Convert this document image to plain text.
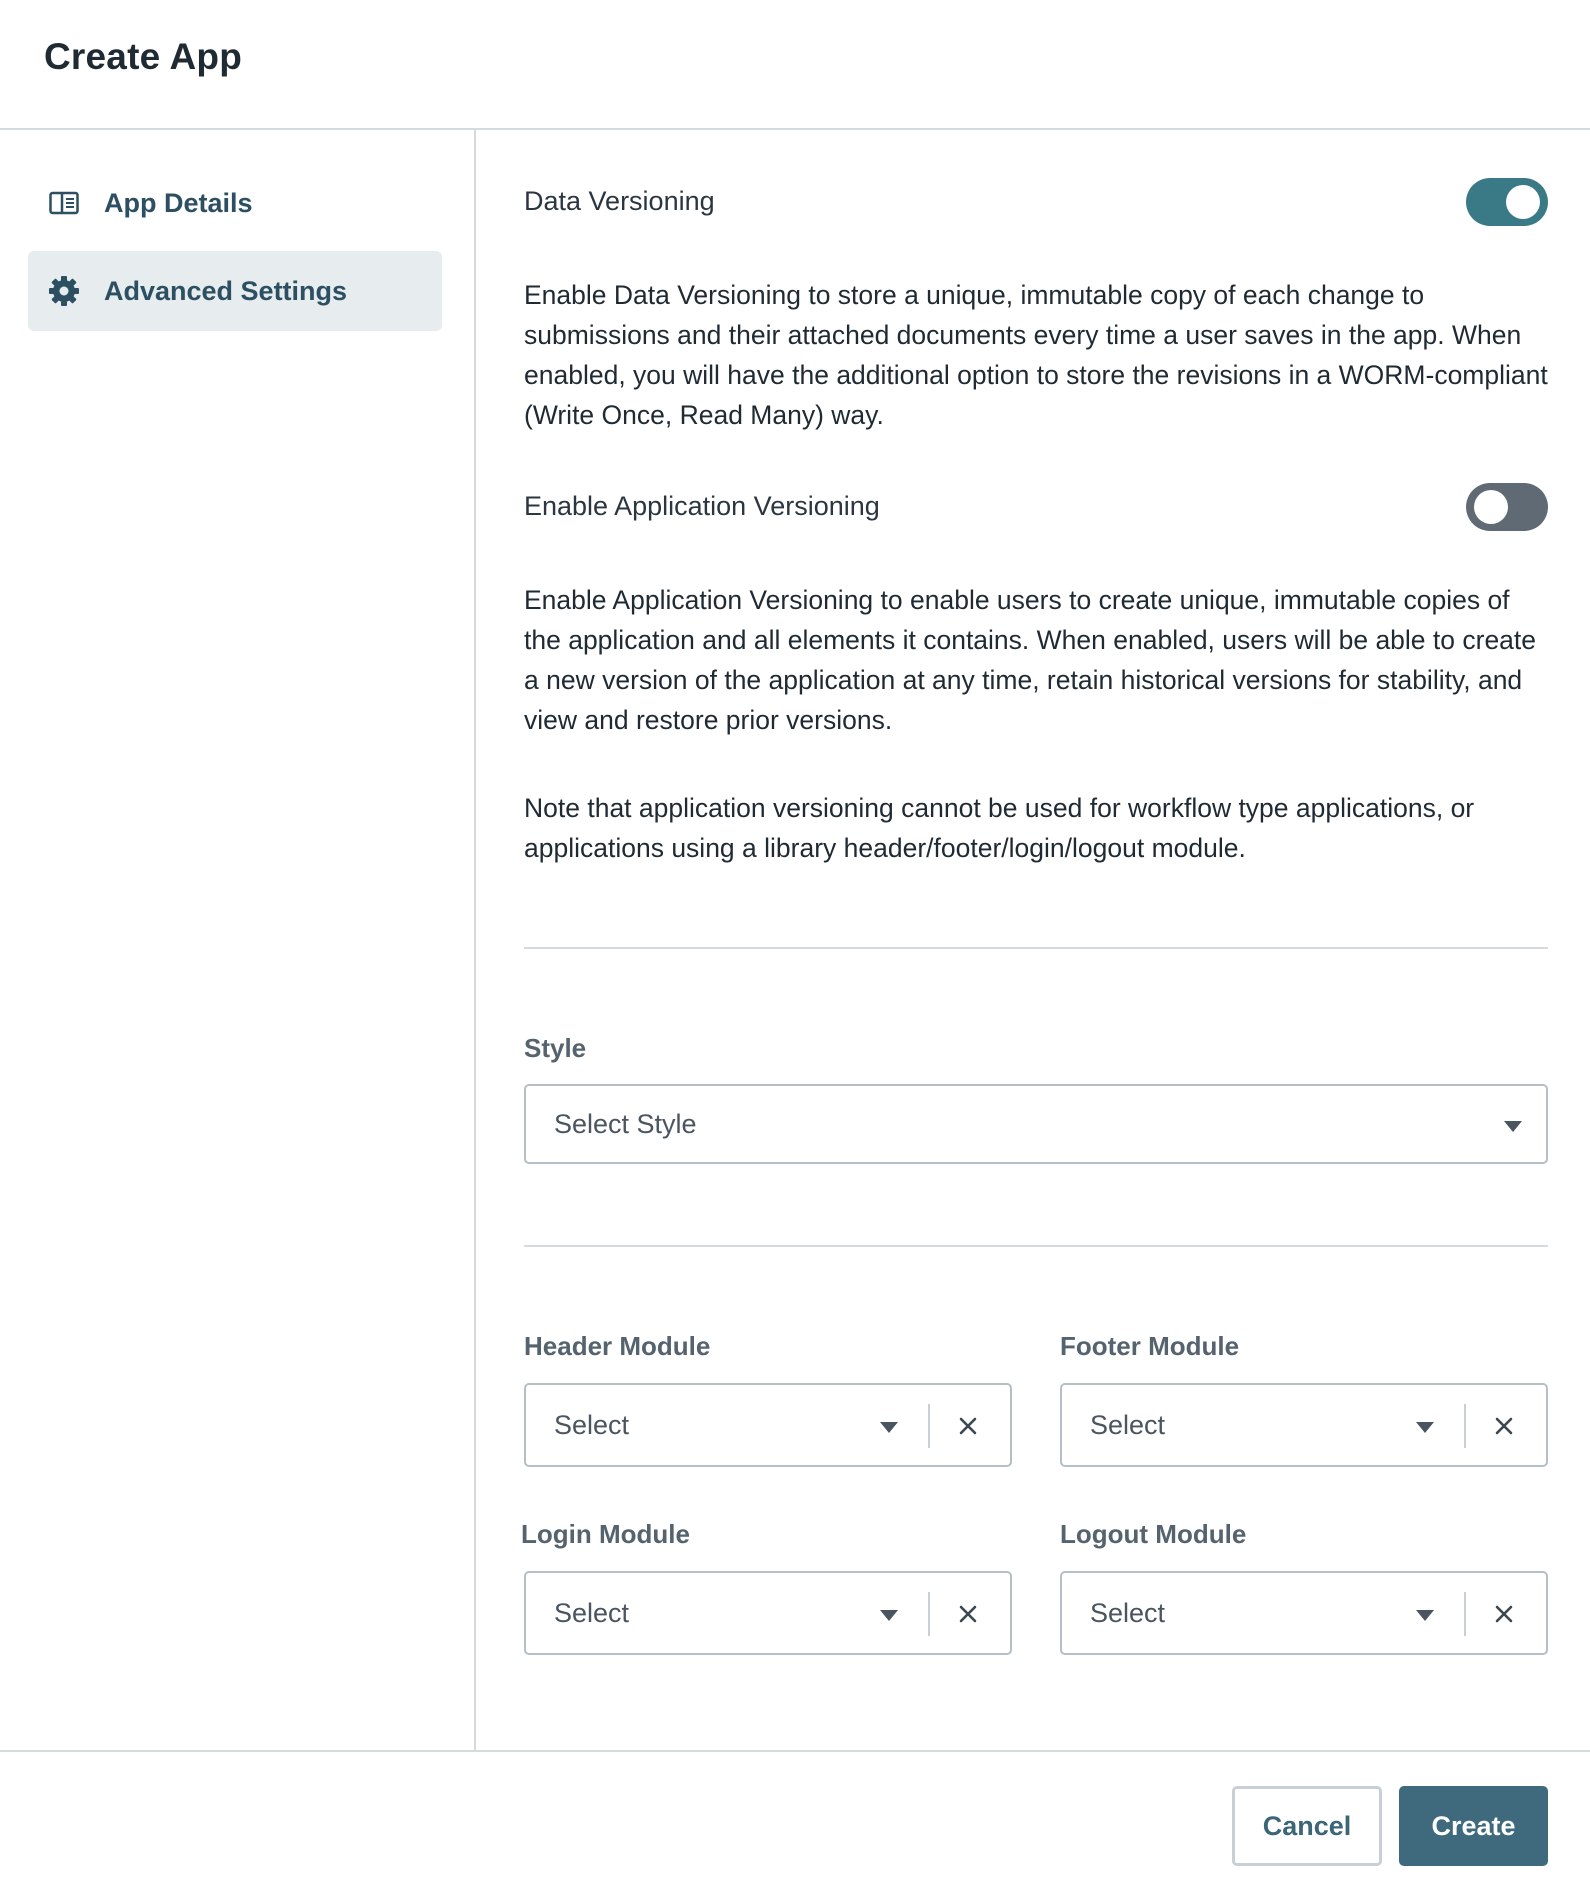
Create App
App Details
Advanced Settings
Data Versioning

Enable Data Versioning to store a unique, immutable copy of each change to submissions and their attached documents every time a user saves in the app. When enabled, you will have the additional option to store the revisions in a WORM-compliant (Write Once, Read Many) way.

Enable Application Versioning

Enable Application Versioning to enable users to create unique, immutable copies of the application and all elements it contains. When enabled, users will be able to create a new version of the application at any time, retain historical versions for stability, and view and restore prior versions.

Note that application versioning cannot be used for workflow type applications, or applications using a library header/footer/login/logout module.

Style
Select Style
Header Module
Select
Footer Module
Select
Login Module
Select
Logout Module
Select
Cancel	Create
